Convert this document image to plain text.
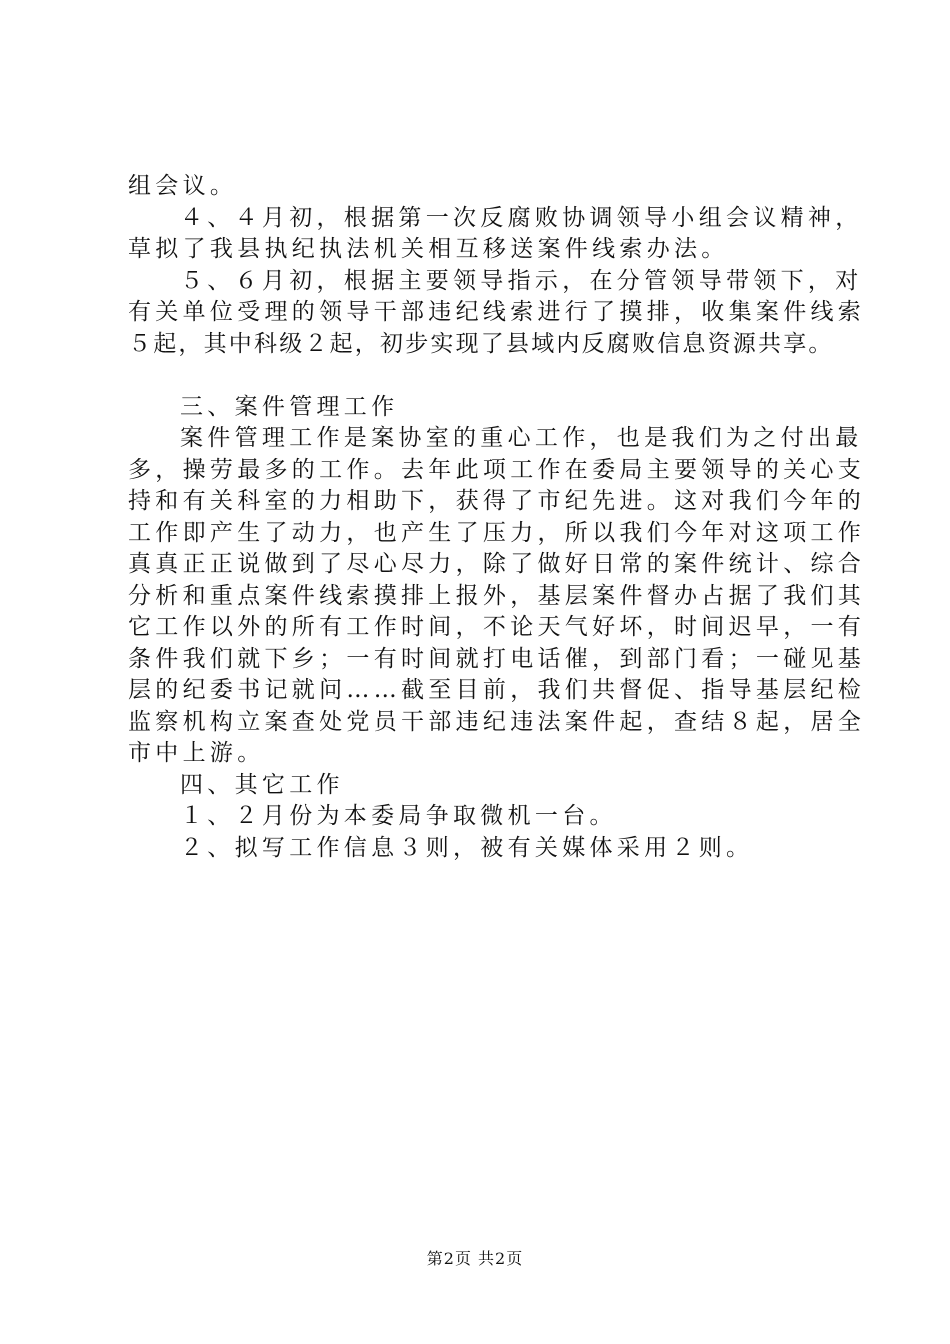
组会议。
４、４月初，根据第一次反腐败协调领导小组会议精神，
草拟了我县执纪执法机关相互移送案件线索办法。
５、６月初，根据主要领导指示，在分管领导带领下，对
有关单位受理的领导干部违纪线索进行了摸排，收集案件线索
５起，其中科级２起，初步实现了县域内反腐败信息资源共享。
三、案件管理工作
案件管理工作是案协室的重心工作，也是我们为之付出最
多，操劳最多的工作。去年此项工作在委局主要领导的关心支
持和有关科室的力相助下，获得了市纪先进。这对我们今年的
工作即产生了动力，也产生了压力，所以我们今年对这项工作
真真正正说做到了尽心尽力，除了做好日常的案件统计、综合
分析和重点案件线索摸排上报外，基层案件督办占据了我们其
它工作以外的所有工作时间，不论天气好坏，时间迟早，一有
条件我们就下乡；一有时间就打电话催，到部门看；一碰见基
层的纪委书记就问……截至目前，我们共督促、指导基层纪检
监察机构立案查处党员干部违纪违法案件起，查结８起，居全
市中上游。
四、其它工作
１、２月份为本委局争取微机一台。
２、拟写工作信息３则，被有关媒体采用２则。
第2页 共2页
